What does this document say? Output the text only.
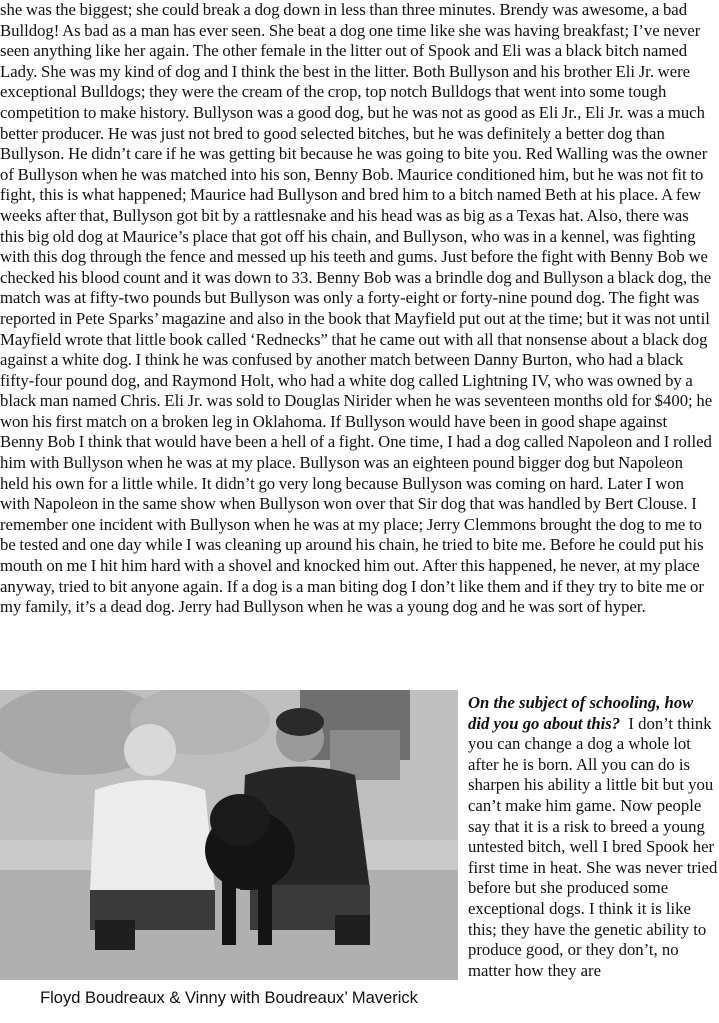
she was the biggest; she could break a dog down in less than three minutes. Brendy was awesome, a bad Bulldog! As bad as a man has ever seen. She beat a dog one time like she was having breakfast; I’ve never seen anything like her again. The other female in the litter out of Spook and Eli was a black bitch named Lady. She was my kind of dog and I think the best in the litter. Both Bullyson and his brother Eli Jr. were exceptional Bulldogs; they were the cream of the crop, top notch Bulldogs that went into some tough competition to make history. Bullyson was a good dog, but he was not as good as Eli Jr., Eli Jr. was a much better producer. He was just not bred to good selected bitches, but he was definitely a better dog than Bullyson. He didn’t care if he was getting bit because he was going to bite you. Red Walling was the owner of Bullyson when he was matched into his son, Benny Bob. Maurice conditioned him, but he was not fit to fight, this is what happened; Maurice had Bullyson and bred him to a bitch named Beth at his place. A few weeks after that, Bullyson got bit by a rattlesnake and his head was as big as a Texas hat. Also, there was this big old dog at Maurice’s place that got off his chain, and Bullyson, who was in a kennel, was fighting with this dog through the fence and messed up his teeth and gums. Just before the fight with Benny Bob we checked his blood count and it was down to 33. Benny Bob was a brindle dog and Bullyson a black dog, the match was at fifty-two pounds but Bullyson was only a forty-eight or forty-nine pound dog. The fight was reported in Pete Sparks’ magazine and also in the book that Mayfield put out at the time; but it was not until Mayfield wrote that little book called ‘Rednecks” that he came out with all that nonsense about a black dog against a white dog. I think he was confused by another match between Danny Burton, who had a black fifty-four pound dog, and Raymond Holt, who had a white dog called Lightning IV, who was owned by a black man named Chris. Eli Jr. was sold to Douglas Nirider when he was seventeen months old for $400; he won his first match on a broken leg in Oklahoma. If Bullyson would have been in good shape against Benny Bob I think that would have been a hell of a fight. One time, I had a dog called Napoleon and I rolled him with Bullyson when he was at my place. Bullyson was an eighteen pound bigger dog but Napoleon held his own for a little while. It didn’t go very long because Bullyson was coming on hard. Later I won with Napoleon in the same show when Bullyson won over that Sir dog that was handled by Bert Clouse. I remember one incident with Bullyson when he was at my place; Jerry Clemmons brought the dog to me to be tested and one day while I was cleaning up around his chain, he tried to bite me. Before he could put his mouth on me I hit him hard with a shovel and knocked him out. After this happened, he never, at my place anyway, tried to bit anyone again. If a dog is a man biting dog I don’t like them and if they try to bite me or my family, it’s a dead dog. Jerry had Bullyson when he was a young dog and he was sort of hyper.

Floyd Boudreaux & Vinny with Boudreaux’ Maverick

On the subject of schooling, how did you go about this? I don’t think you can change a dog a whole lot after he is born. All you can do is sharpen his ability a little bit but you can’t make him game. Now people say that it is a risk to breed a young untested bitch, well I bred Spook her first time in heat. She was never tried before but she produced some exceptional dogs. I think it is like this; they have the genetic ability to produce good, or they don’t, no matter how they are
